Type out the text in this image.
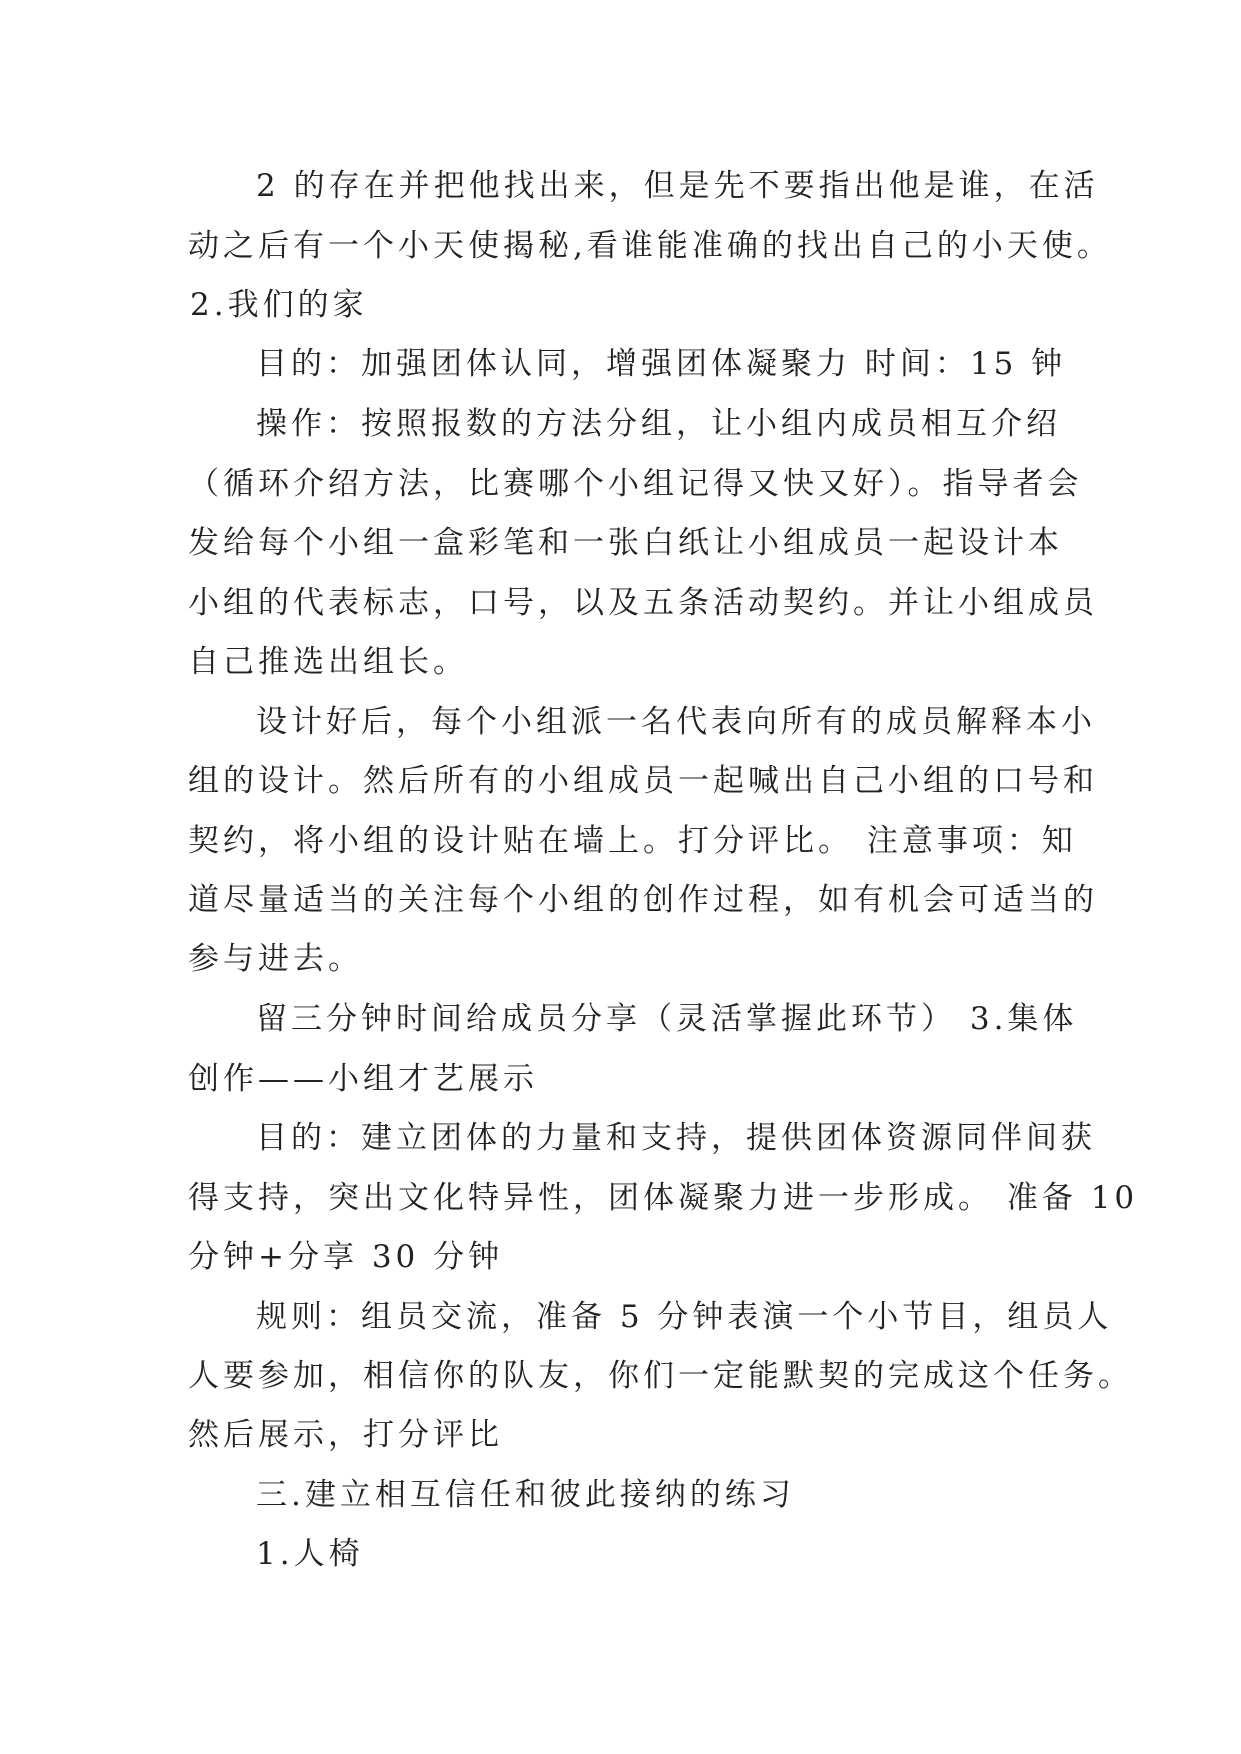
2 的存在并把他找出来，但是先不要指出他是谁，在活
动之后有一个小天使揭秘,看谁能准确的找出自己的小天使。
2.我们的家
目的：加强团体认同，增强团体凝聚力 时间：15 钟
操作：按照报数的方法分组，让小组内成员相互介绍
（循环介绍方法，比赛哪个小组记得又快又好）。指导者会
发给每个小组一盒彩笔和一张白纸让小组成员一起设计本
小组的代表标志，口号，以及五条活动契约。并让小组成员
自己推选出组长。
设计好后，每个小组派一名代表向所有的成员解释本小
组的设计。然后所有的小组成员一起喊出自己小组的口号和
契约，将小组的设计贴在墙上。打分评比。 注意事项：知
道尽量适当的关注每个小组的创作过程，如有机会可适当的
参与进去。
留三分钟时间给成员分享（灵活掌握此环节） 3.集体
创作——小组才艺展示
目的：建立团体的力量和支持，提供团体资源同伴间获
得支持，突出文化特异性，团体凝聚力进一步形成。 准备 10
分钟+分享 30 分钟
规则：组员交流，准备 5 分钟表演一个小节目，组员人
人要参加，相信你的队友，你们一定能默契的完成这个任务。
然后展示，打分评比
三.建立相互信任和彼此接纳的练习
1.人椅
